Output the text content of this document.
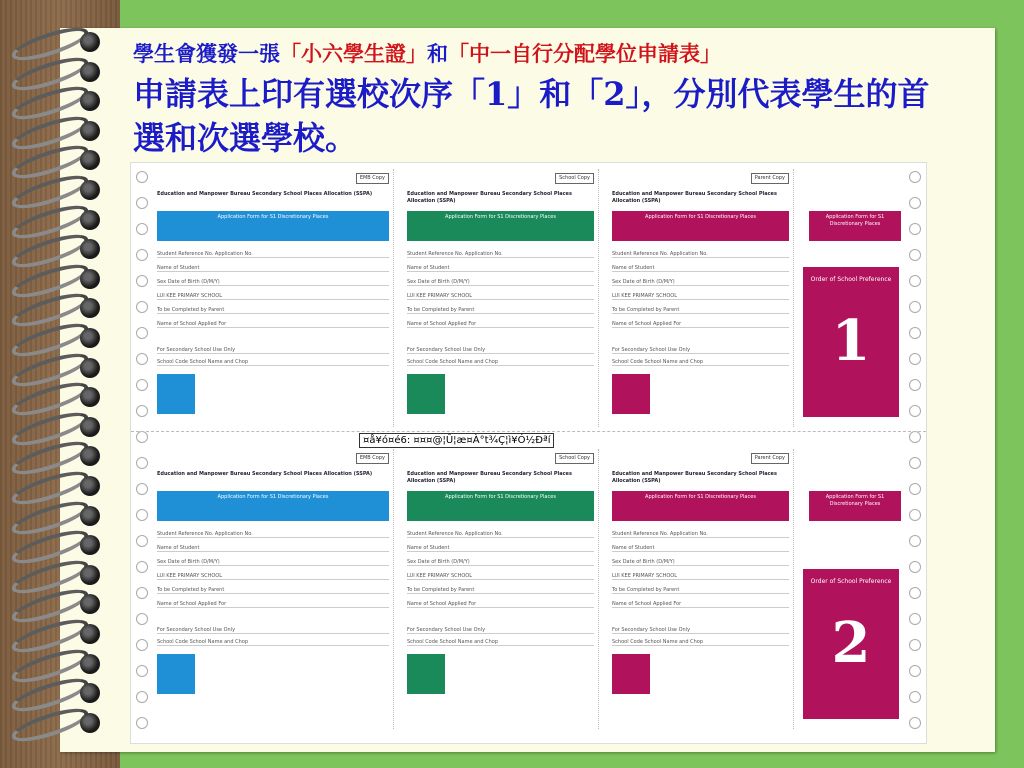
學生會獲發一張「小六學生證」和「中一自行分配學位申請表」
申請表上印有選校次序「1」和「2」，分別代表學生的首選和次選學校。
EMB Copy
Education and Manpower Bureau Secondary School Places Allocation (SSPA)
Application Form for S1 Discretionary Places
Student Reference No. Application No.
Name of Student
Sex Date of Birth (D/M/Y)
LUI KEE PRIMARY SCHOOL
To be Completed by Parent
Name of School Applied For
For Secondary School Use Only
School Code School Name and Chop
School Copy
Education and Manpower Bureau Secondary School Places Allocation (SSPA)
Application Form for S1 Discretionary Places
Student Reference No. Application No.
Name of Student
Sex Date of Birth (D/M/Y)
LUI KEE PRIMARY SCHOOL
To be Completed by Parent
Name of School Applied For
For Secondary School Use Only
School Code School Name and Chop
Parent Copy
Education and Manpower Bureau Secondary School Places Allocation (SSPA)
Application Form for S1 Discretionary Places
Student Reference No. Application No.
Name of Student
Sex Date of Birth (D/M/Y)
LUI KEE PRIMARY SCHOOL
To be Completed by Parent
Name of School Applied For
For Secondary School Use Only
School Code School Name and Chop
Order of School Preference
1
Application Form for S1 Discretionary Places
EMB Copy
Education and Manpower Bureau Secondary School Places Allocation (SSPA)
Application Form for S1 Discretionary Places
Student Reference No. Application No.
Name of Student
Sex Date of Birth (D/M/Y)
LUI KEE PRIMARY SCHOOL
To be Completed by Parent
Name of School Applied For
For Secondary School Use Only
School Code School Name and Chop
School Copy
Education and Manpower Bureau Secondary School Places Allocation (SSPA)
Application Form for S1 Discretionary Places
Student Reference No. Application No.
Name of Student
Sex Date of Birth (D/M/Y)
LUI KEE PRIMARY SCHOOL
To be Completed by Parent
Name of School Applied For
For Secondary School Use Only
School Code School Name and Chop
Parent Copy
Education and Manpower Bureau Secondary School Places Allocation (SSPA)
Application Form for S1 Discretionary Places
Student Reference No. Application No.
Name of Student
Sex Date of Birth (D/M/Y)
LUI KEE PRIMARY SCHOOL
To be Completed by Parent
Name of School Applied For
For Secondary School Use Only
School Code School Name and Chop
Order of School Preference
2
Application Form for S1 Discretionary Places
¤å¥ó¤é6: ¤¤¤@¦Û¦æ¤À°t¾Ç¦ì¥Ó½Ðªí
